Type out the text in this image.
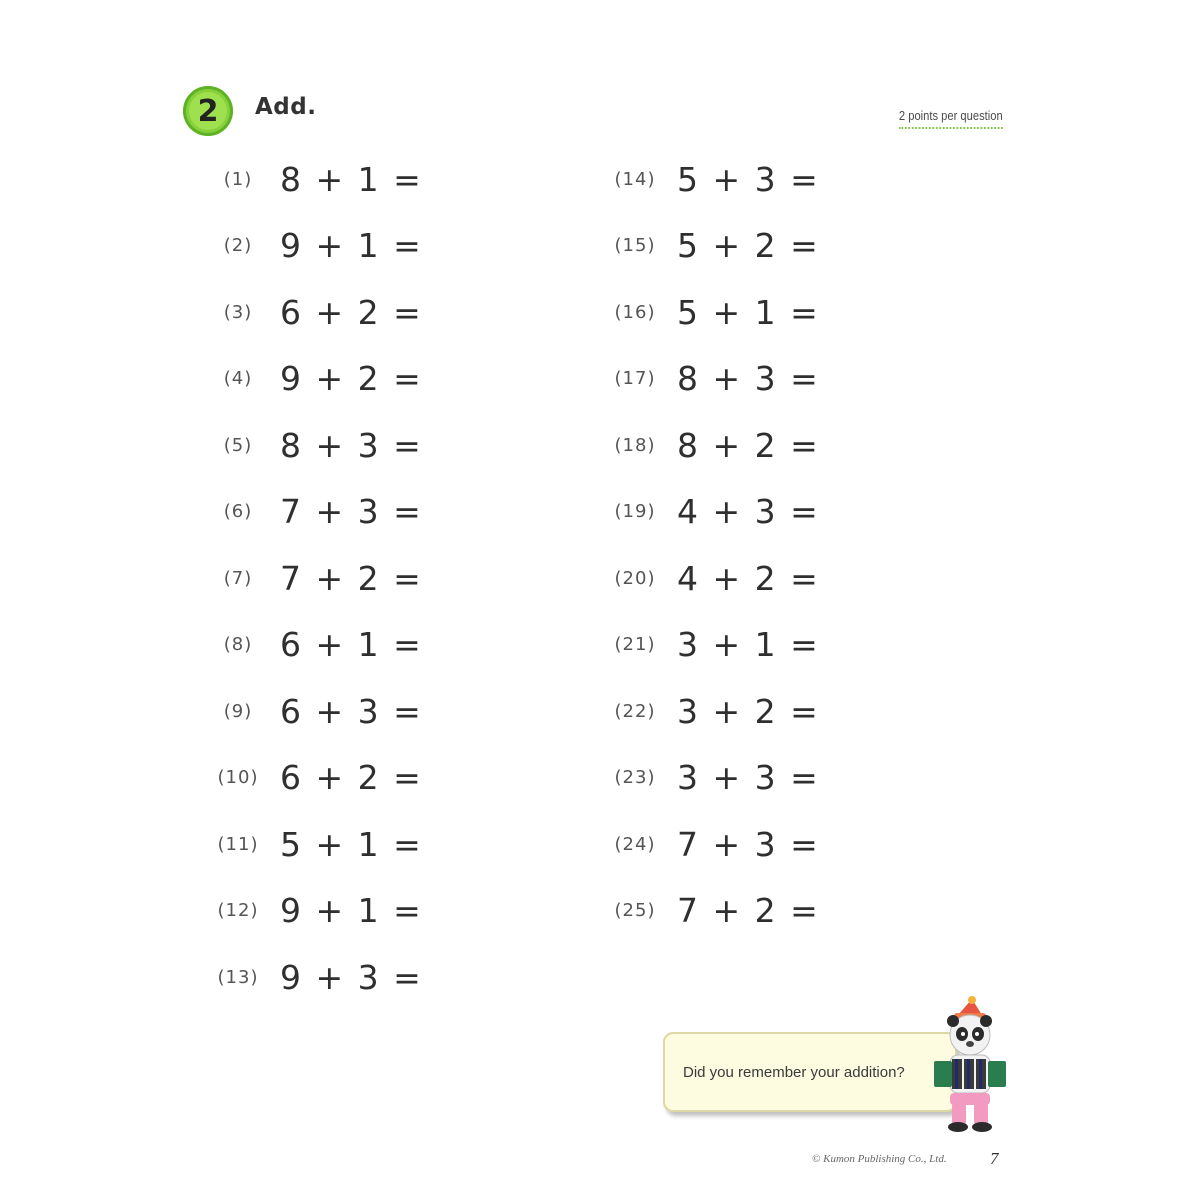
2	Add.	2 points per question
(1) 8 + 1 =
(2) 9 + 1 =
(3) 6 + 2 =
(4) 9 + 2 =
(5) 8 + 3 =
(6) 7 + 3 =
(7) 7 + 2 =
(8) 6 + 1 =
(9) 6 + 3 =
(10) 6 + 2 =
(11) 5 + 1 =
(12) 9 + 1 =
(13) 9 + 3 =
(14) 5 + 3 =
(15) 5 + 2 =
(16) 5 + 1 =
(17) 8 + 3 =
(18) 8 + 2 =
(19) 4 + 3 =
(20) 4 + 2 =
(21) 3 + 1 =
(22) 3 + 2 =
(23) 3 + 3 =
(24) 7 + 3 =
(25) 7 + 2 =
Did you remember your addition?
© Kumon Publishing Co., Ltd.	7
